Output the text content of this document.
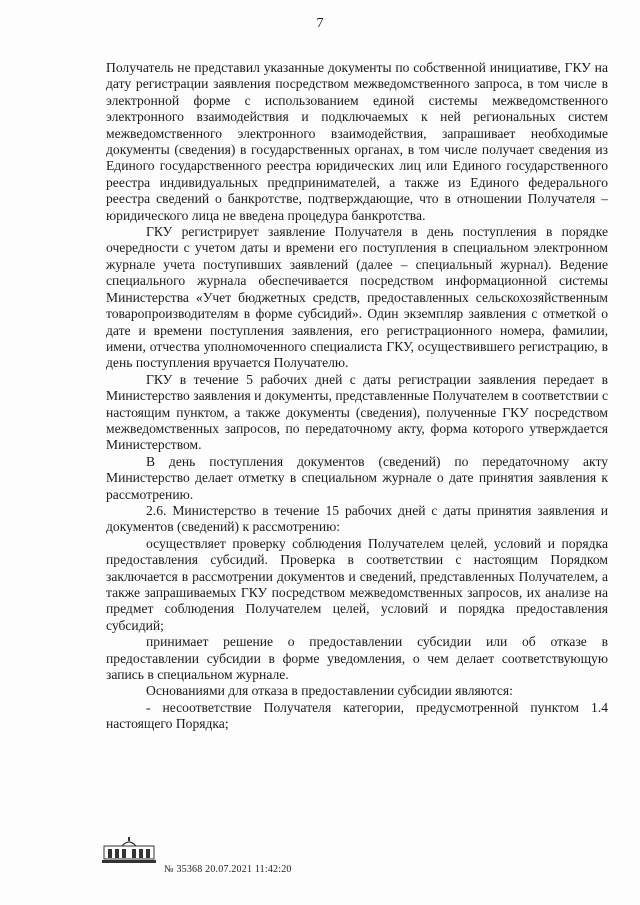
7

Получатель не представил указанные документы по собственной инициативе, ГКУ на дату регистрации заявления посредством межведомственного запроса, в том числе в электронной форме с использованием единой системы межведомственного электронного взаимодействия и подключаемых к ней региональных систем межведомственного электронного взаимодействия, запрашивает необходимые документы (сведения) в государственных органах, в том числе получает сведения из Единого государственного реестра юридических лиц или Единого государственного реестра индивидуальных предпринимателей, а также из Единого федерального реестра сведений о банкротстве, подтверждающие, что в отношении Получателя – юридического лица не введена процедура банкротства.

ГКУ регистрирует заявление Получателя в день поступления в порядке очередности с учетом даты и времени его поступления в специальном электронном журнале учета поступивших заявлений (далее – специальный журнал). Ведение специального журнала обеспечивается посредством информационной системы Министерства «Учет бюджетных средств, предоставленных сельскохозяйственным товаропроизводителям в форме субсидий». Один экземпляр заявления с отметкой о дате и времени поступления заявления, его регистрационного номера, фамилии, имени, отчества уполномоченного специалиста ГКУ, осуществившего регистрацию, в день поступления вручается Получателю.

ГКУ в течение 5 рабочих дней с даты регистрации заявления передает в Министерство заявления и документы, представленные Получателем в соответствии с настоящим пунктом, а также документы (сведения), полученные ГКУ посредством межведомственных запросов, по передаточному акту, форма которого утверждается Министерством.

В день поступления документов (сведений) по передаточному акту Министерство делает отметку в специальном журнале о дате принятия заявления к рассмотрению.

2.6. Министерство в течение 15 рабочих дней с даты принятия заявления и документов (сведений) к рассмотрению:

осуществляет проверку соблюдения Получателем целей, условий и порядка предоставления субсидий. Проверка в соответствии с настоящим Порядком заключается в рассмотрении документов и сведений, представленных Получателем, а также запрашиваемых ГКУ посредством межведомственных запросов, их анализе на предмет соблюдения Получателем целей, условий и порядка предоставления субсидий;

принимает решение о предоставлении субсидии или об отказе в предоставлении субсидии в форме уведомления, о чем делает соответствующую запись в специальном журнале.

Основаниями для отказа в предоставлении субсидии являются:

- несоответствие Получателя категории, предусмотренной пунктом 1.4 настоящего Порядка;

№ 35368 20.07.2021 11:42:20
